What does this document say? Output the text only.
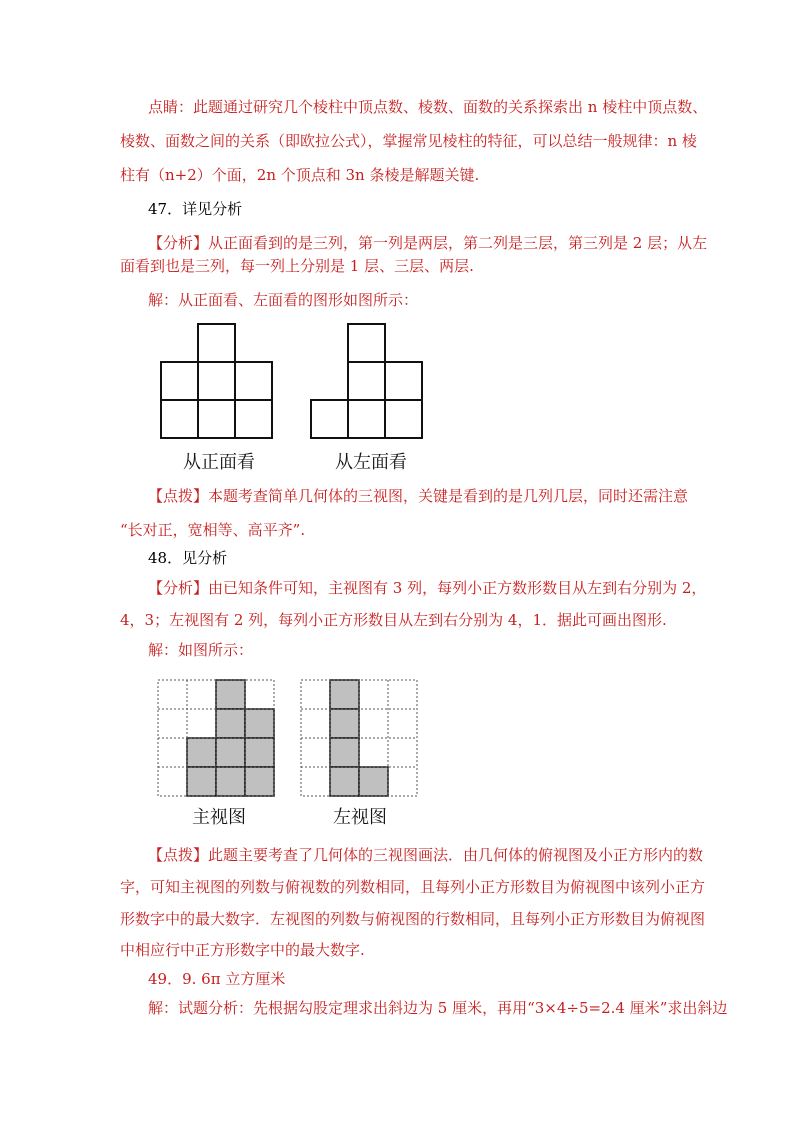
点睛：此题通过研究几个棱柱中顶点数、棱数、面数的关系探索出 n 棱柱中顶点数、
棱数、面数之间的关系（即欧拉公式），掌握常见棱柱的特征，可以总结一般规律：n 棱
柱有（n+2）个面，2n 个顶点和 3n 条棱是解题关键.
47．详见分析
【分析】从正面看到的是三列，第一列是两层，第二列是三层，第三列是 2 层；从左
面看到也是三列，每一列上分别是 1 层、三层、两层.
解：从正面看、左面看的图形如图所示：
从正面看	从左面看
【点拨】本题考查简单几何体的三视图，关键是看到的是几列几层，同时还需注意
“长对正，宽相等、高平齐”.
48．见分析
【分析】由已知条件可知，主视图有 3 列，每列小正方数形数目从左到右分别为 2，
4，3；左视图有 2 列，每列小正方形数目从左到右分别为 4，1．据此可画出图形.
解：如图所示：
主视图	左视图
【点拨】此题主要考查了几何体的三视图画法．由几何体的俯视图及小正方形内的数
字，可知主视图的列数与俯视数的列数相同，且每列小正方形数目为俯视图中该列小正方
形数字中的最大数字．左视图的列数与俯视图的行数相同，且每列小正方形数目为俯视图
中相应行中正方形数字中的最大数字.
49．9. 6π 立方厘米
解：试题分析：先根据勾股定理求出斜边为 5 厘米，再用“3×4÷5=2.4 厘米”求出斜边
